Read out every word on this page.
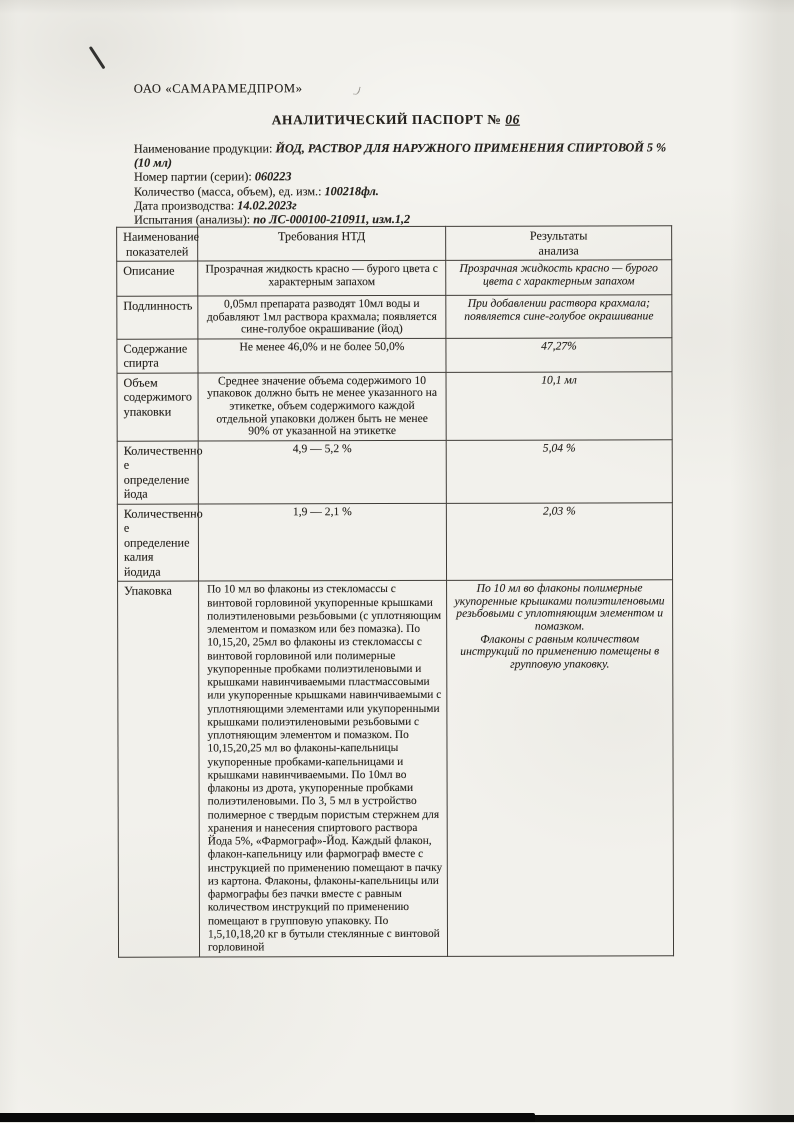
ОАО «САМАРАМЕДПРОМ»
АНАЛИТИЧЕСКИЙ ПАСПОРТ № 06
Наименование продукции: ЙОД, РАСТВОР ДЛЯ НАРУЖНОГО ПРИМЕНЕНИЯ СПИРТОВОЙ 5 %
(10 мл)
Номер партии (серии): 060223
Количество (масса, объем), ед. изм.: 100218фл.
Дата производства: 14.02.2023г
Испытания (анализы): по ЛС-000100-210911, изм.1,2
Наименование
показателей	Требования НТД	Результаты
анализа
Описание	Прозрачная жидкость красно — бурого цвета с характерным запахом	Прозрачная жидкость красно — бурого цвета с характерным запахом
Подлинность	0,05мл препарата разводят 10мл воды и добавляют 1мл раствора крахмала; появляется сине-голубое окрашивание (йод)	При добавлении раствора крахмала; появляется сине-голубое окрашивание
Содержание
спирта	Не менее 46,0% и не более 50,0%	47,27%
Объем
содержимого
упаковки	Среднее значение объема содержимого 10 упаковок должно быть не менее указанного на этикетке, объем содержимого каждой отдельной упаковки должен быть не менее 90% от указанной на этикетке	10,1 мл
Количественно
е определение
йода	4,9 — 5,2 %	5,04 %
Количественно
е определение
калия йодида	1,9 — 2,1 %	2,03 %
Упаковка	По 10 мл во флаконы из стекломассы с винтовой горловиной укупоренные крышками полиэтиленовыми резьбовыми (с уплотняющим элементом и помазком или без помазка). По 10,15,20, 25мл во флаконы из стекломассы с винтовой горловиной или полимерные укупоренные пробками полиэтиленовыми и крышками навинчиваемыми пластмассовыми или укупоренные крышками навинчиваемыми с уплотняющими элементами или укупоренными крышками полиэтиленовыми резьбовыми с уплотняющим элементом и помазком. По 10,15,20,25 мл во флаконы-капельницы укупоренные пробками-капельницами и крышками навинчиваемыми. По 10мл во флаконы из дрота, укупоренные пробками полиэтиленовыми. По 3, 5 мл в устройство полимерное с твердым пористым стержнем для хранения и нанесения спиртового раствора Йода 5%, «Фармограф»-Йод. Каждый флакон, флакон-капельницу или фармограф вместе с инструкцией по применению помещают в пачку из картона. Флаконы, флаконы-капельницы или фармографы без пачки вместе с равным количеством инструкций по применению помещают в групповую упаковку. По 1,5,10,18,20 кг в бутыли стеклянные с винтовой горловиной	По 10 мл во флаконы полимерные укупоренные крышками полиэтиленовыми резьбовыми с уплотняющим элементом и помазком.
Флаконы с равным количеством инструкций по применению помещены в групповую упаковку.
